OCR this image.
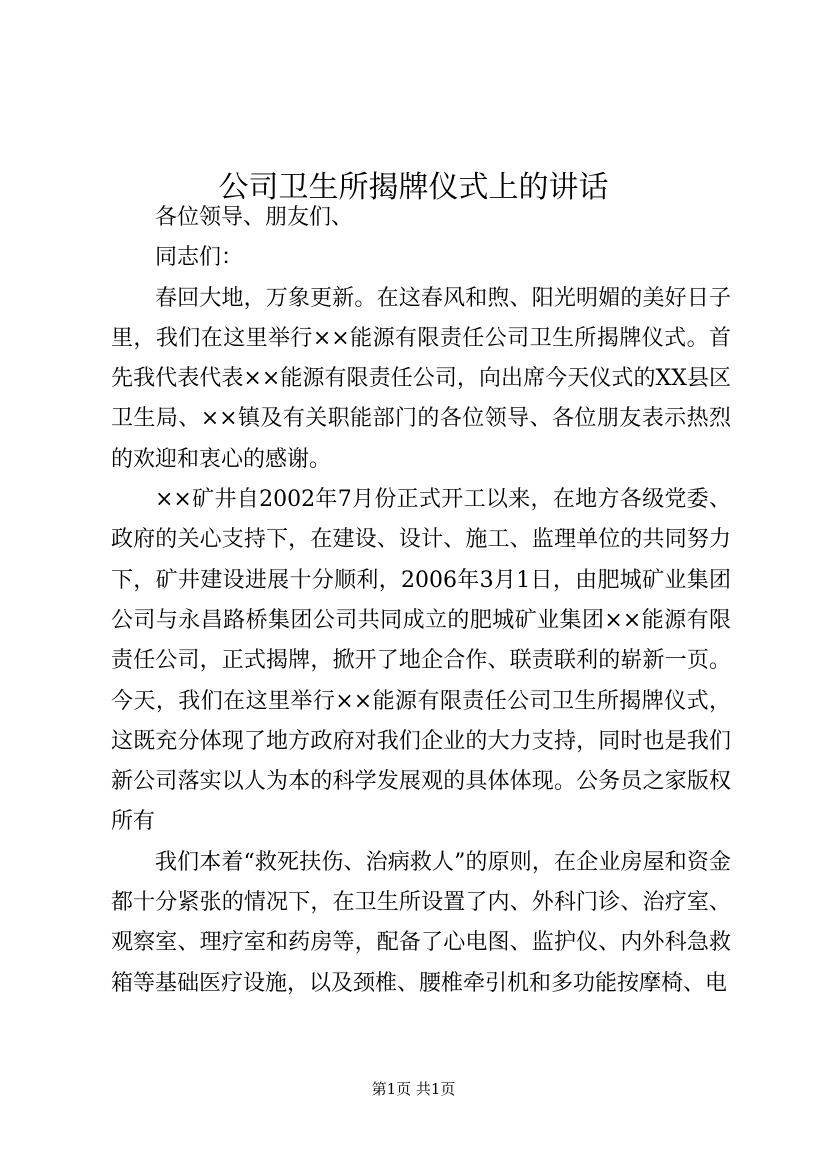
公司卫生所揭牌仪式上的讲话

各位领导、朋友们、

同志们：

春回大地，万象更新。在这春风和煦、阳光明媚的美好日子里，我们在这里举行××能源有限责任公司卫生所揭牌仪式。首先我代表代表××能源有限责任公司，向出席今天仪式的XX县区卫生局、××镇及有关职能部门的各位领导、各位朋友表示热烈的欢迎和衷心的感谢。

××矿井自2002年7月份正式开工以来，在地方各级党委、政府的关心支持下，在建设、设计、施工、监理单位的共同努力下，矿井建设进展十分顺利，2006年3月1日，由肥城矿业集团公司与永昌路桥集团公司共同成立的肥城矿业集团××能源有限责任公司，正式揭牌，掀开了地企合作、联责联利的崭新一页。今天，我们在这里举行××能源有限责任公司卫生所揭牌仪式，这既充分体现了地方政府对我们企业的大力支持，同时也是我们新公司落实以人为本的科学发展观的具体体现。公务员之家版权所有

我们本着“救死扶伤、治病救人”的原则，在企业房屋和资金都十分紧张的情况下，在卫生所设置了内、外科门诊、治疗室、观察室、理疗室和药房等，配备了心电图、监护仪、内外科急救箱等基础医疗设施，以及颈椎、腰椎牵引机和多功能按摩椅、电

第1页 共1页
